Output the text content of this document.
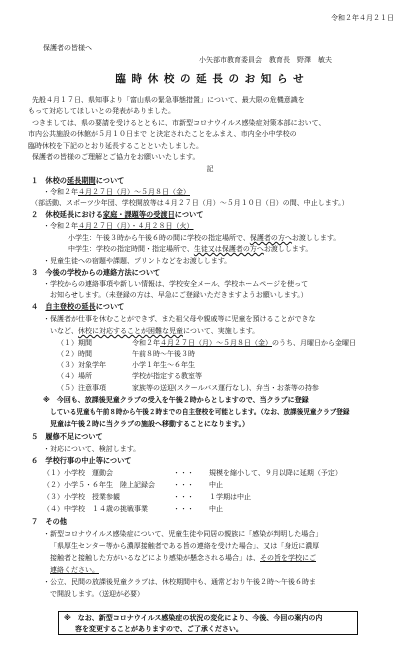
令和２年４月２１日
保護者の皆様へ
小矢部市教育委員会　教育長　野澤　敏夫
臨 時 休 校 の 延 長 の お 知 ら せ
先般４月１７日、県知事より「富山県の緊急事態措置」について、最大限の危機意識を
もって対応してほしいとの発表がありました。
つきましては、県の要請を受けるとともに、市新型コロナウイルス感染症対策本部において、
市内公共施設の休館が５月１０日まで と決定されたことをふまえ、市内全小中学校の
臨時休校を下記のとおり延長することといたしました。
保護者の皆様のご理解とご協力をお願いいたします。
記
１　休校の延長期間について
・令和２年４月２７日（月）～５月８日（金）
（部活動、スポーツ少年団、学校開放等は４月２７日（月）～５月１０日（日）の間、中止します。）
２　休校延長における家庭・課題等の受渡日について
・令和２年４月２７日（月）・４月２８日（火）
小学生：午後３時から午後６時の間に学校の指定場所で、保護者の方へお渡しします。
中学生：学校の指定時間・指定場所で、生徒又は保護者の方へお渡しします。
・児童生徒への宿題や課題、プリントなどをお渡しします。
３　今後の学校からの連絡方法について
・学校からの連絡事項や新しい情報は、学校安全メール、学校ホームページを使って
お知らせします。（未登録の方は、早急にご登録いただきますようお願いします。）
４　自主登校の延長について
・保護者が仕事を休むことができず、また祖父母や親戚等に児童を預けることができな
いなど、休校に対応することが困難な児童について、実施します。
（１）期間	令和２年４月２７日（月）～５月８日（金）のうち、月曜日から金曜日
（２）時間	午前８時～午後３時
（３）対象学年	小学１年生～６年生
（４）場所	学校が指定する教室等
（５）注意事項	家族等の送迎(スクールバス運行なし)、弁当・お茶等の持参
※　今回も、放課後児童クラブの受入を午後２時からとしますので、当クラブに登録
している児童も午前８時から午後２時までの自主登校を可能とします。（なお、放課後児童クラブ登録
児童は午後２時に当クラブの施設へ移動することになります。）
５　履修不足について
・対応について、検討します。
６　学校行事の中止等について
（１）小学校　運動会	・・・ 規模を縮小して、９月以降に延期（予定）
（２）小学５・６年生　陸上記録会	・・・ 中止
（３）小学校　授業参観	・・・ １学期は中止
（４）中学校　１４歳の挑戦事業	・・・ 中止
７　その他
・新型コロナウイルス感染症について、児童生徒や同居の親族に「感染が判明した場合」
「県厚生センター等から濃厚接触者である旨の連絡を受けた場合」、又は「身近に濃厚
接触者と接触した方がいるなどにより感染が懸念される場合」は、その旨を学校にご
連絡ください。
・公立、民間の放課後児童クラブは、休校期間中も、通常どおり午後２時～午後６時ま
で開設します。（送迎が必要）
※　なお、新型コロナウイルス感染症の状況の変化により、今後、今回の案内の内
容を変更することがありますので、ご了承ください。
